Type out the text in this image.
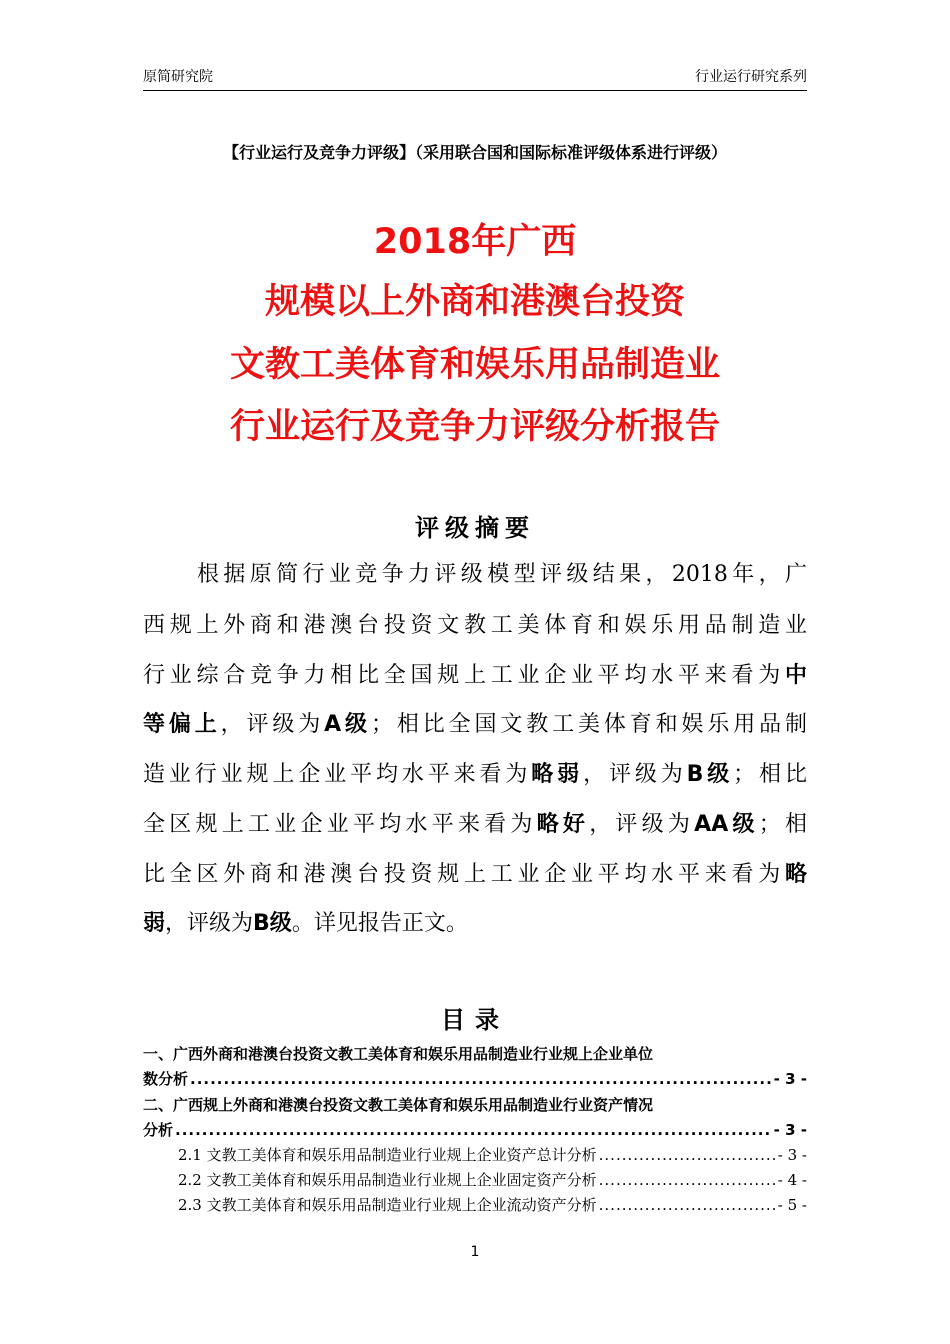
原简研究院	行业运行研究系列
【行业运行及竞争力评级】（采用联合国和国际标准评级体系进行评级）
2018年广西
规模以上外商和港澳台投资
文教工美体育和娱乐用品制造业
行业运行及竞争力评级分析报告
评级摘要
根据原简行业竞争力评级模型评级结果，2018年，广
西规上外商和港澳台投资文教工美体育和娱乐用品制造业
行业综合竞争力相比全国规上工业企业平均水平来看为中
等偏上，评级为A级；相比全国文教工美体育和娱乐用品制
造业行业规上企业平均水平来看为略弱，评级为B级；相比
全区规上工业企业平均水平来看为略好，评级为AA级；相
比全区外商和港澳台投资规上工业企业平均水平来看为略
弱，评级为B级。详见报告正文。
目录
一、广西外商和港澳台投资文教工美体育和娱乐用品制造业行业规上企业单位
数分析 .....	- 3 -
二、广西规上外商和港澳台投资文教工美体育和娱乐用品制造业行业资产情况
分析 .....	- 3 -
2.1 文教工美体育和娱乐用品制造业行业规上企业资产总计分析 .....	- 3 -
2.2 文教工美体育和娱乐用品制造业行业规上企业固定资产分析 .....	- 4 -
2.3 文教工美体育和娱乐用品制造业行业规上企业流动资产分析 .....	- 5 -
1
